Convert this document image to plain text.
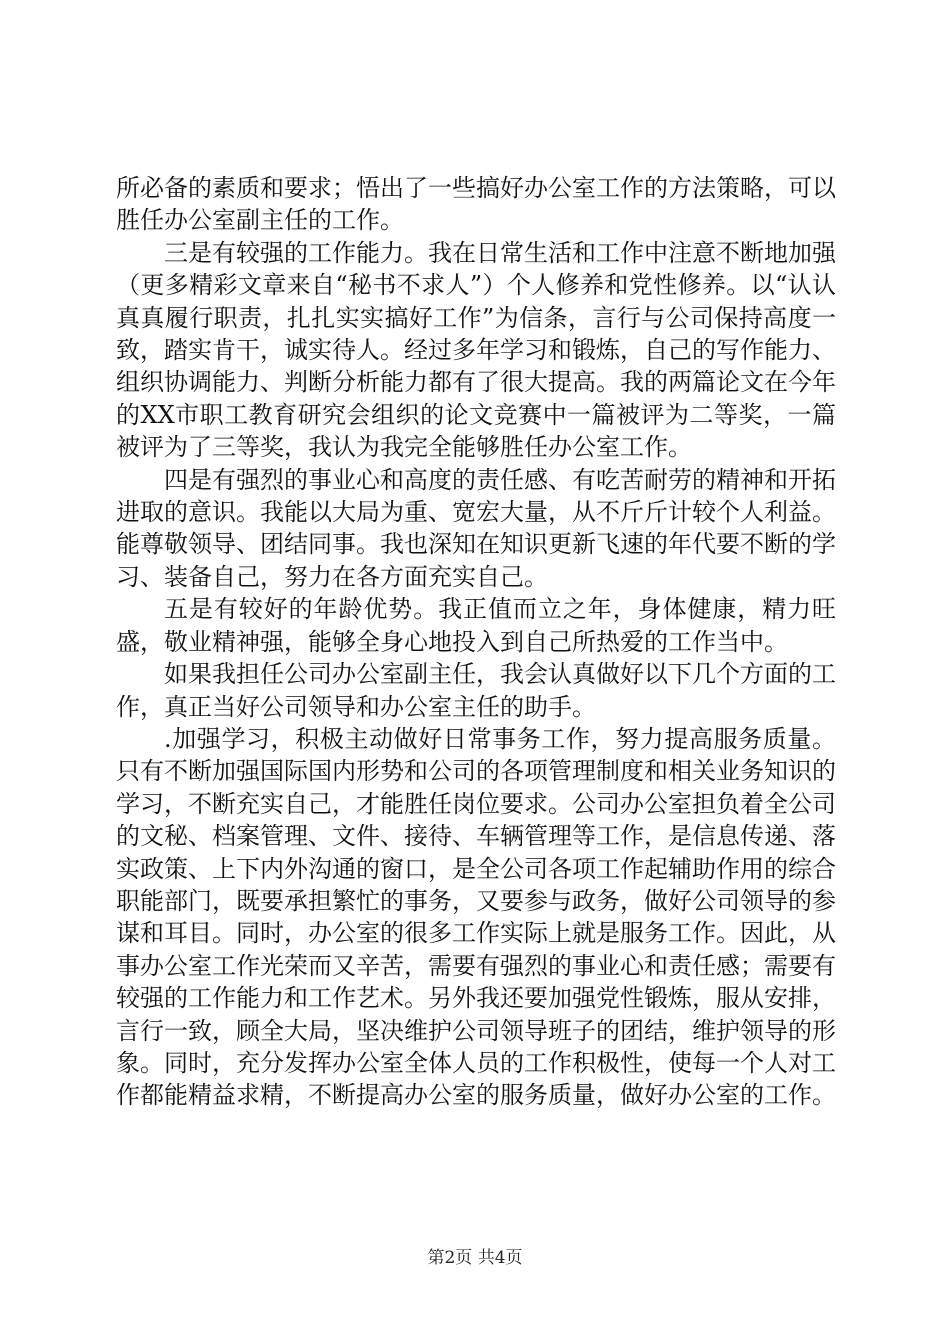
所必备的素质和要求；悟出了一些搞好办公室工作的方法策略，可以胜任办公室副主任的工作。

三是有较强的工作能力。我在日常生活和工作中注意不断地加强（更多精彩文章来自“秘书不求人”）个人修养和党性修养。以“认认真真履行职责，扎扎实实搞好工作”为信条，言行与公司保持高度一致，踏实肯干，诚实待人。经过多年学习和锻炼，自己的写作能力、组织协调能力、判断分析能力都有了很大提高。我的两篇论文在今年的XX市职工教育研究会组织的论文竞赛中一篇被评为二等奖，一篇被评为了三等奖，我认为我完全能够胜任办公室工作。

四是有强烈的事业心和高度的责任感、有吃苦耐劳的精神和开拓进取的意识。我能以大局为重、宽宏大量，从不斤斤计较个人利益。能尊敬领导、团结同事。我也深知在知识更新飞速的年代要不断的学习、装备自己，努力在各方面充实自己。

五是有较好的年龄优势。我正值而立之年，身体健康，精力旺盛，敬业精神强，能够全身心地投入到自己所热爱的工作当中。

如果我担任公司办公室副主任，我会认真做好以下几个方面的工作，真正当好公司领导和办公室主任的助手。

.加强学习，积极主动做好日常事务工作，努力提高服务质量。只有不断加强国际国内形势和公司的各项管理制度和相关业务知识的学习，不断充实自己，才能胜任岗位要求。公司办公室担负着全公司的文秘、档案管理、文件、接待、车辆管理等工作，是信息传递、落实政策、上下内外沟通的窗口，是全公司各项工作起辅助作用的综合职能部门，既要承担繁忙的事务，又要参与政务，做好公司领导的参谋和耳目。同时，办公室的很多工作实际上就是服务工作。因此，从事办公室工作光荣而又辛苦，需要有强烈的事业心和责任感；需要有较强的工作能力和工作艺术。另外我还要加强党性锻炼，服从安排，言行一致，顾全大局，坚决维护公司领导班子的团结，维护领导的形象。同时，充分发挥办公室全体人员的工作积极性，使每一个人对工作都能精益求精，不断提高办公室的服务质量，做好办公室的工作。

第2页 共4页
